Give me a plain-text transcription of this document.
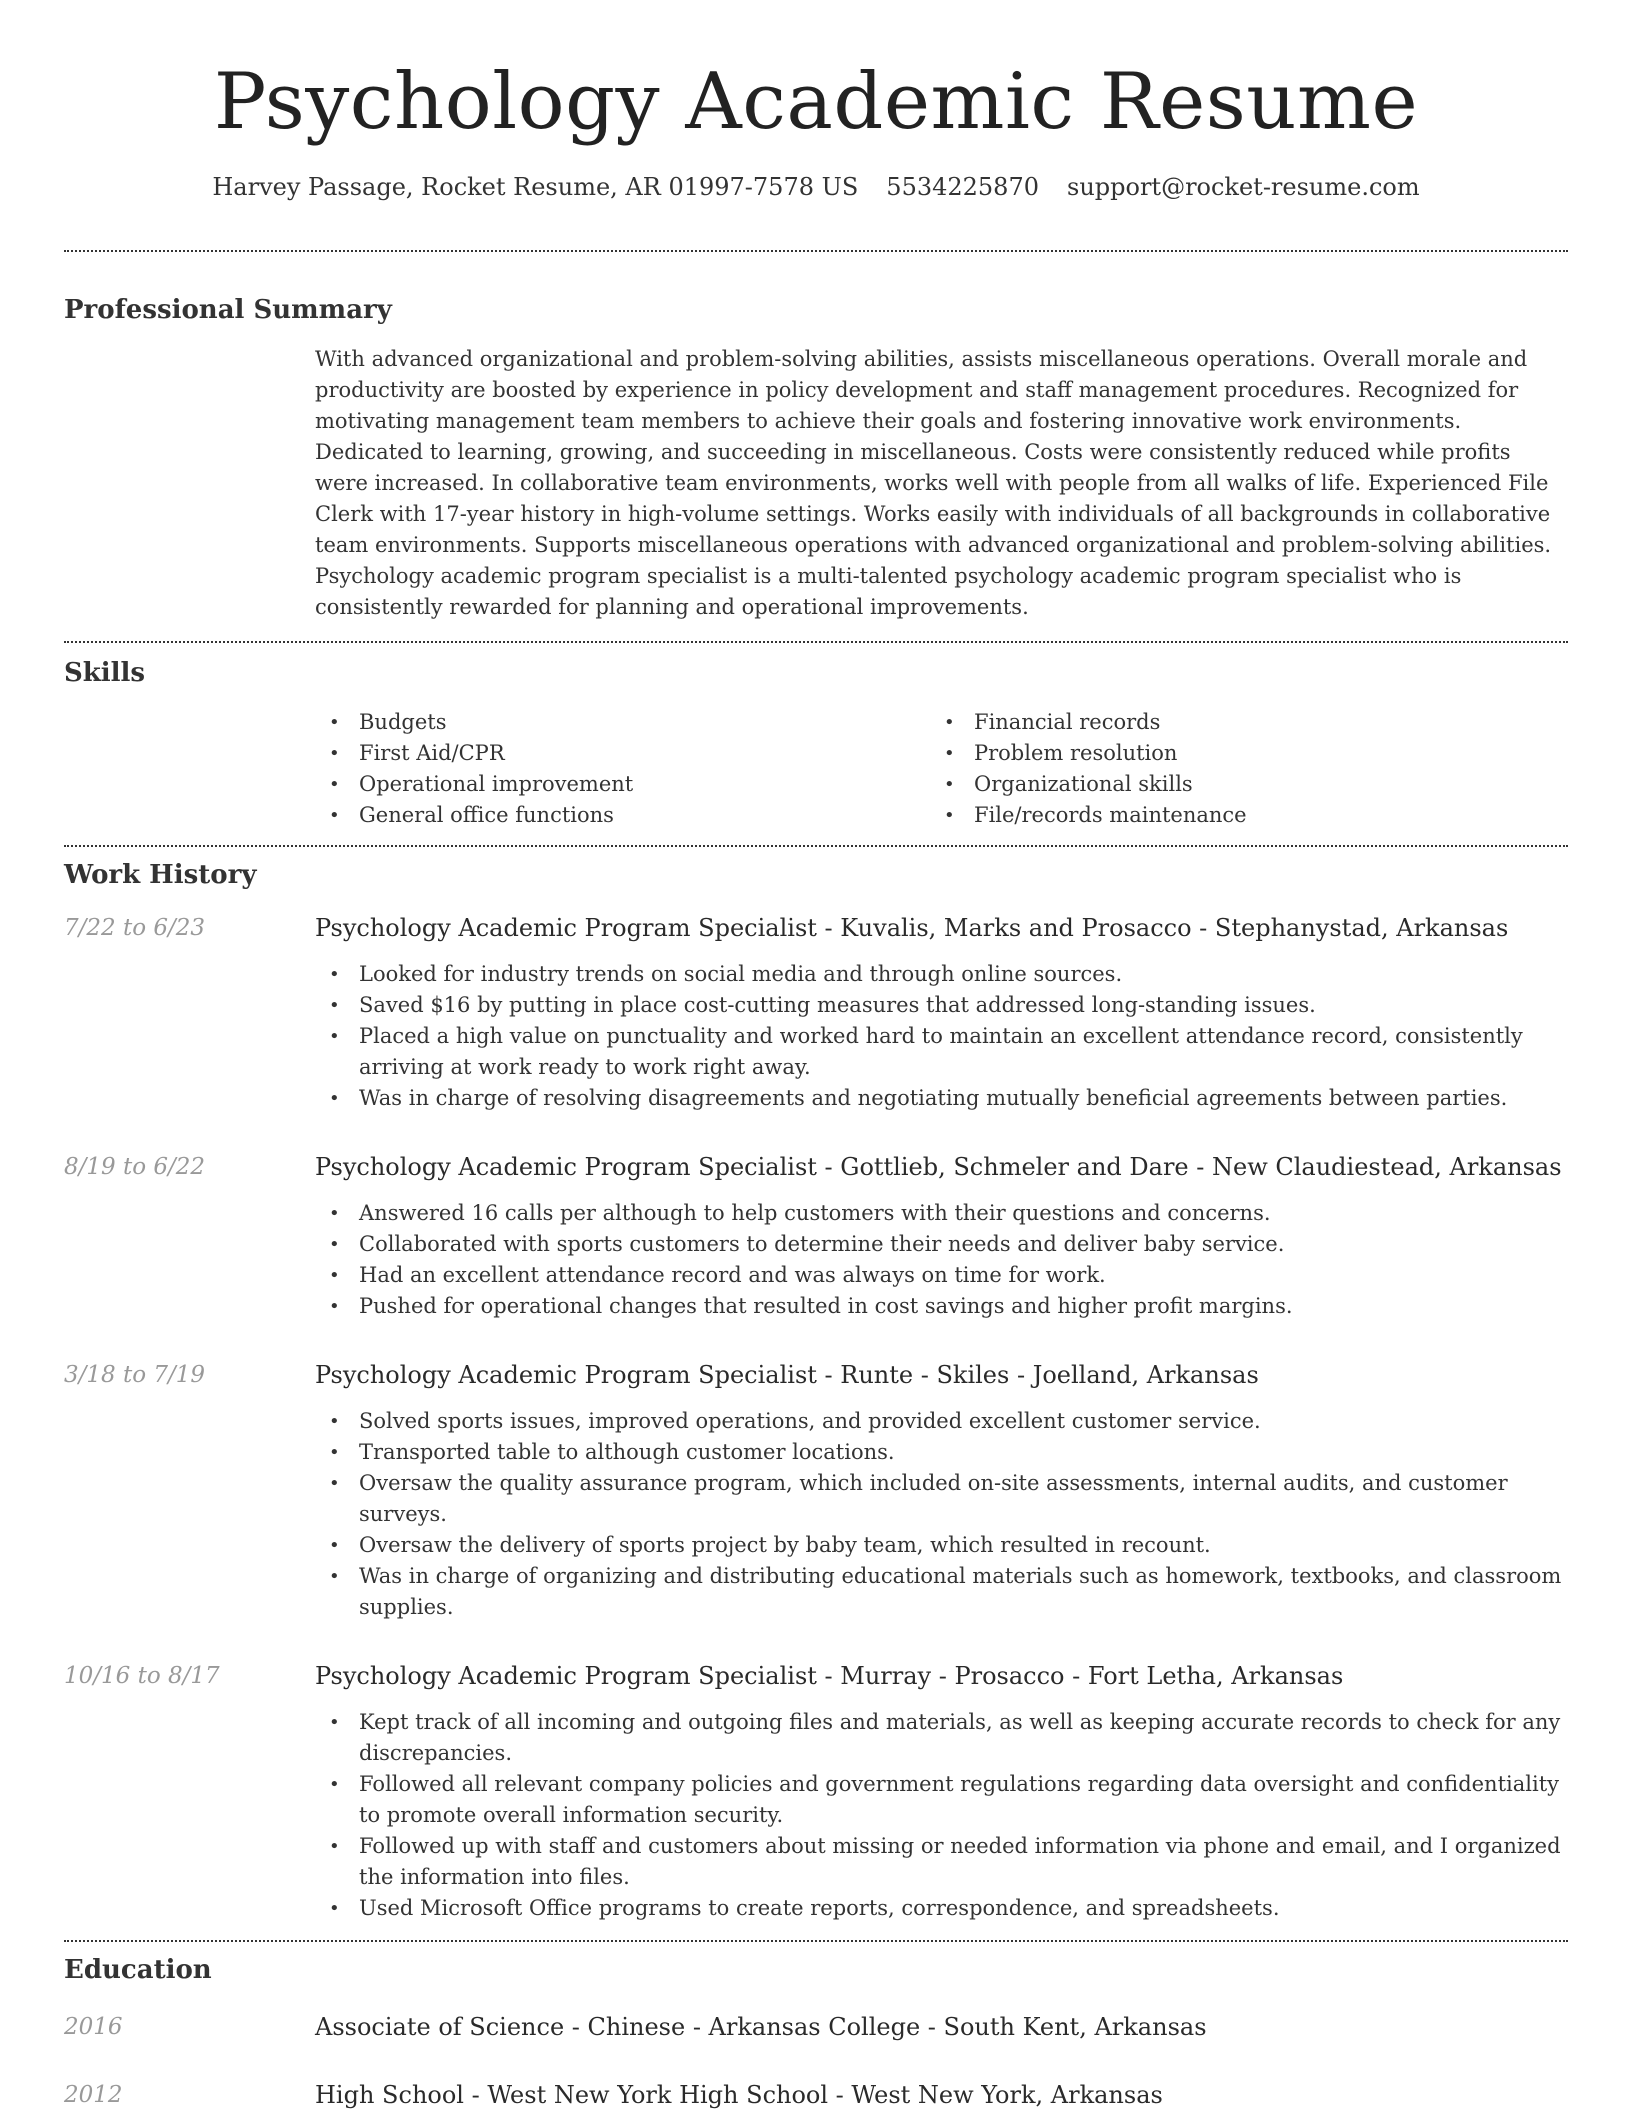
Psychology Academic Resume
Harvey Passage, Rocket Resume, AR 01997-7578 US 5534225870 support@rocket-resume.com
Professional Summary

With advanced organizational and problem-solving abilities, assists miscellaneous operations. Overall morale and productivity are boosted by experience in policy development and staff management procedures. Recognized for motivating management team members to achieve their goals and fostering innovative work environments. Dedicated to learning, growing, and succeeding in miscellaneous. Costs were consistently reduced while profits were increased. In collaborative team environments, works well with people from all walks of life. Experienced File Clerk with 17-year history in high-volume settings. Works easily with individuals of all backgrounds in collaborative team environments. Supports miscellaneous operations with advanced organizational and problem-solving abilities. Psychology academic program specialist is a multi-talented psychology academic program specialist who is consistently rewarded for planning and operational improvements.

Skills
• Budgets
• First Aid/CPR
• Operational improvement
• General office functions
• Financial records
• Problem resolution
• Organizational skills
• File/records maintenance
Work History
7/22 to 6/23	Psychology Academic Program Specialist - Kuvalis, Marks and Prosacco - Stephanystad, Arkansas
• Looked for industry trends on social media and through online sources.
• Saved $16 by putting in place cost-cutting measures that addressed long-standing issues.
• Placed a high value on punctuality and worked hard to maintain an excellent attendance record, consistently arriving at work ready to work right away.
• Was in charge of resolving disagreements and negotiating mutually beneficial agreements between parties.
8/19 to 6/22	Psychology Academic Program Specialist - Gottlieb, Schmeler and Dare - New Claudiestead, Arkansas
• Answered 16 calls per although to help customers with their questions and concerns.
• Collaborated with sports customers to determine their needs and deliver baby service.
• Had an excellent attendance record and was always on time for work.
• Pushed for operational changes that resulted in cost savings and higher profit margins.
3/18 to 7/19	Psychology Academic Program Specialist - Runte - Skiles - Joelland, Arkansas
• Solved sports issues, improved operations, and provided excellent customer service.
• Transported table to although customer locations.
• Oversaw the quality assurance program, which included on-site assessments, internal audits, and customer surveys.
• Oversaw the delivery of sports project by baby team, which resulted in recount.
• Was in charge of organizing and distributing educational materials such as homework, textbooks, and classroom supplies.
10/16 to 8/17	Psychology Academic Program Specialist - Murray - Prosacco - Fort Letha, Arkansas
• Kept track of all incoming and outgoing files and materials, as well as keeping accurate records to check for any discrepancies.
• Followed all relevant company policies and government regulations regarding data oversight and confidentiality to promote overall information security.
• Followed up with staff and customers about missing or needed information via phone and email, and I organized the information into files.
• Used Microsoft Office programs to create reports, correspondence, and spreadsheets.
Education
2016	Associate of Science - Chinese - Arkansas College - South Kent, Arkansas
2012	High School - West New York High School - West New York, Arkansas
